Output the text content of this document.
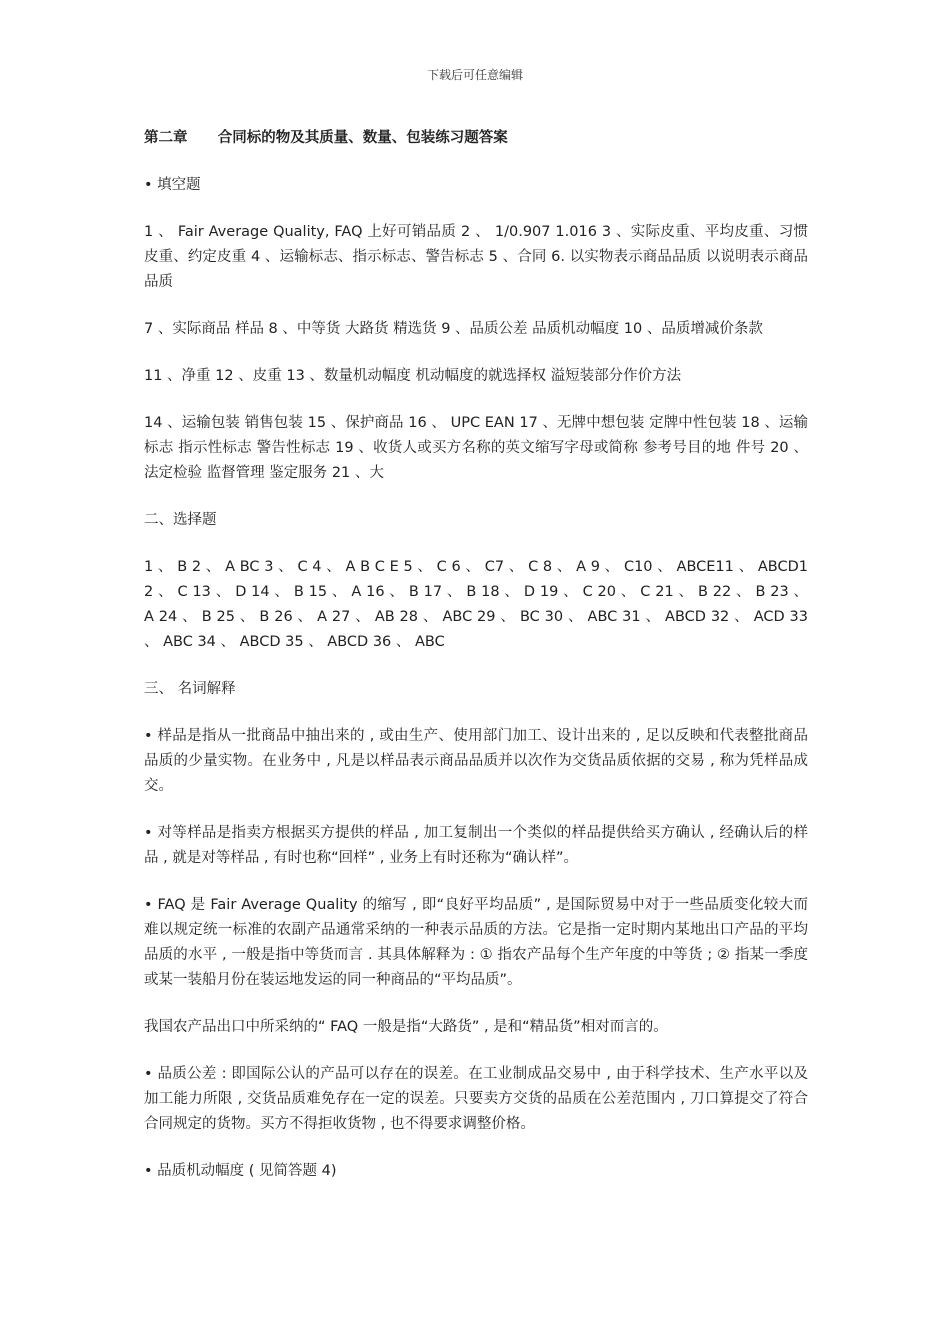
下载后可任意编辑
第二章      合同标的物及其质量、数量、包装练习题答案
• 填空题
1 、 Fair Average Quality, FAQ 上好可销品质 2 、 1/0.907 1.016 3 、实际皮重、平均皮重、习惯皮重、约定皮重 4 、运输标志、指示标志、警告标志 5 、合同 6. 以实物表示商品品质 以说明表示商品品质
7 、实际商品 样品 8 、中等货 大路货 精选货 9 、品质公差 品质机动幅度 10 、品质增减价条款
11 、净重 12 、皮重 13 、数量机动幅度 机动幅度的就选择权 溢短装部分作价方法
14 、运输包装 销售包装 15 、保护商品 16 、 UPC EAN 17 、无牌中想包装 定牌中性包装 18 、运输标志 指示性标志 警告性标志 19 、收货人或买方名称的英文缩写字母或简称 参考号目的地 件号 20 、法定检验 监督管理 鉴定服务 21 、大
二、选择题
1 、 B 2 、 A BC 3 、 C 4 、 A B C E 5 、 C 6 、 C7 、 C 8 、 A 9 、 C10 、 ABCE11 、 ABCD12 、 C 13 、 D 14 、 B 15 、 A 16 、 B 17 、 B 18 、 D 19 、 C 20 、 C 21 、 B 22 、 B 23 、 A 24 、 B 25 、 B 26 、 A 27 、 AB 28 、 ABC 29 、 BC 30 、 ABC 31 、 ABCD 32 、 ACD 33 、 ABC 34 、 ABCD 35 、 ABCD 36 、 ABC
三、 名词解释
• 样品是指从一批商品中抽出来的 , 或由生产、使用部门加工、设计出来的 , 足以反映和代表整批商品品质的少量实物。在业务中 , 凡是以样品表示商品品质并以次作为交货品质依据的交易 , 称为凭样品成交。
• 对等样品是指卖方根据买方提供的样品 , 加工复制出一个类似的样品提供给买方确认 , 经确认后的样品 , 就是对等样品 , 有时也称“回样” , 业务上有时还称为“确认样”。
• FAQ 是 Fair Average Quality 的缩写 , 即“良好平均品质” , 是国际贸易中对于一些品质变化较大而难以规定统一标准的农副产品通常采纳的一种表示品质的方法。它是指一定时期内某地出口产品的平均品质的水平 , 一般是指中等货而言 . 其具体解释为 : ① 指农产品每个生产年度的中等货 ; ② 指某一季度或某一装船月份在装运地发运的同一种商品的“平均品质”。
我国农产品出口中所采纳的“ FAQ 一般是指“大路货” , 是和“精品货”相对而言的。
• 品质公差 : 即国际公认的产品可以存在的误差。在工业制成品交易中 , 由于科学技术、生产水平以及加工能力所限 , 交货品质难免存在一定的误差。只要卖方交货的品质在公差范围内 , 刀口算提交了符合合同规定的货物。买方不得拒收货物 , 也不得要求调整价格。
• 品质机动幅度 ( 见简答题 4)
